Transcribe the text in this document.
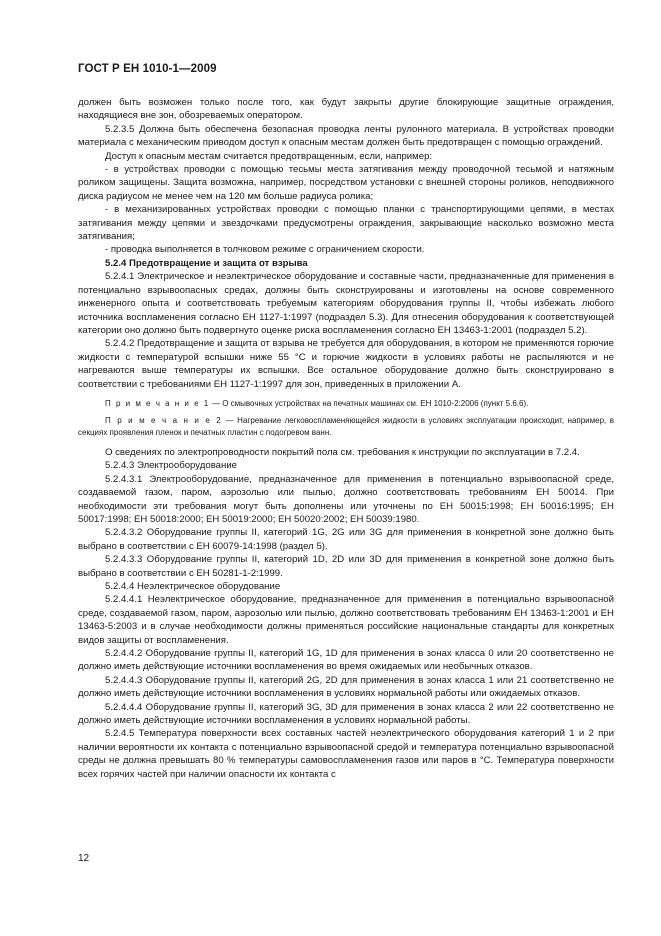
ГОСТ Р ЕН 1010-1—2009

должен быть возможен только после того, как будут закрыты другие блокирующие защитные ограждения, находящиеся вне зон, обозреваемых оператором.

5.2.3.5 Должна быть обеспечена безопасная проводка ленты рулонного материала. В устройствах проводки материала с механическим приводом доступ к опасным местам должен быть предотвращен с помощью ограждений.

Доступ к опасным местам считается предотвращенным, если, например:

- в устройствах проводки с помощью тесьмы места затягивания между проводочной тесьмой и натяжным роликом защищены. Защита возможна, например, посредством установки с внешней стороны роликов, неподвижного диска радиусом не менее чем на 120 мм больше радиуса ролика;

- в механизированных устройствах проводки с помощью планки с транспортирующими цепями, в местах затягивания между цепями и звездочками предусмотрены ограждения, закрывающие насколько возможно места затягивания;

- проводка выполняется в толчковом режиме с ограничением скорости.

5.2.4 Предотвращение и защита от взрыва

5.2.4.1 Электрическое и неэлектрическое оборудование и составные части, предназначенные для применения в потенциально взрывоопасных средах, должны быть сконструированы и изготовлены на основе современного инженерного опыта и соответствовать требуемым категориям оборудования группы II, чтобы избежать любого источника воспламенения согласно ЕН 1127-1:1997 (подраздел 5.3). Для отнесения оборудования к соответствующей категории оно должно быть подвергнуто оценке риска воспламенения согласно ЕН 13463-1:2001 (подраздел 5.2).

5.2.4.2 Предотвращение и защита от взрыва не требуется для оборудования, в котором не применяются горючие жидкости с температурой вспышки ниже 55 °С и горючие жидкости в условиях работы не распыляются и не нагреваются выше температуры их вспышки. Все остальное оборудование должно быть сконструировано в соответствии с требованиями ЕН 1127-1:1997 для зон, приведенных в приложении А.

П р и м е ч а н и е 1 — О смывочных устройствах на печатных машинах см. ЕН 1010-2:2006 (пункт 5.6.6).

П р и м е ч а н и е 2 — Нагревание легковоспламеняющейся жидкости в условиях эксплуатации происходит, например, в секциях проявления пленок и печатных пластин с подогревом ванн.

О сведениях по электропроводности покрытий пола см. требования к инструкции по эксплуатации в 7.2.4.

5.2.4.3 Электрооборудование

5.2.4.3.1 Электрооборудование, предназначенное для применения в потенциально взрывоопасной среде, создаваемой газом, паром, аэрозолью или пылью, должно соответствовать требованиям ЕН 50014. При необходимости эти требования могут быть дополнены или уточнены по ЕН 50015:1998; ЕН 50016:1995; ЕН 50017:1998; ЕН 50018:2000; ЕН 50019:2000; ЕН 50020:2002; ЕН 50039:1980.

5.2.4.3.2 Оборудование группы II, категорий 1G, 2G или 3G для применения в конкретной зоне должно быть выбрано в соответствии с ЕН 60079-14:1998 (раздел 5).

5.2.4.3.3 Оборудование группы II, категорий 1D, 2D или 3D для применения в конкретной зоне должно быть выбрано в соответствии с ЕН 50281-1-2:1999.

5.2.4.4 Неэлектрическое оборудование

5.2.4.4.1 Неэлектрическое оборудование, предназначенное для применения в потенциально взрывоопасной среде, создаваемой газом, паром, аэрозолью или пылью, должно соответствовать требованиям ЕН 13463-1:2001 и ЕН 13463-5:2003 и в случае необходимости должны применяться российские национальные стандарты для конкретных видов защиты от воспламенения.

5.2.4.4.2 Оборудование группы II, категорий 1G, 1D для применения в зонах класса 0 или 20 соответственно не должно иметь действующие источники воспламенения во время ожидаемых или необычных отказов.

5.2.4.4.3 Оборудование группы II, категорий 2G, 2D для применения в зонах класса 1 или 21 соответственно не должно иметь действующие источники воспламенения в условиях нормальной работы или ожидаемых отказов.

5.2.4.4.4 Оборудование группы II, категорий 3G, 3D для применения в зонах класса 2 или 22 соответственно не должно иметь действующие источники воспламенения в условиях нормальной работы.

5.2.4.5 Температура поверхности всех составных частей неэлектрического оборудования категорий 1 и 2 при наличии вероятности их контакта с потенциально взрывоопасной средой и температура потенциально взрывоопасной среды не должна превышать 80 % температуры самовоспламенения газов или паров в °С. Температура поверхности всех горячих частей при наличии опасности их контакта с

12
